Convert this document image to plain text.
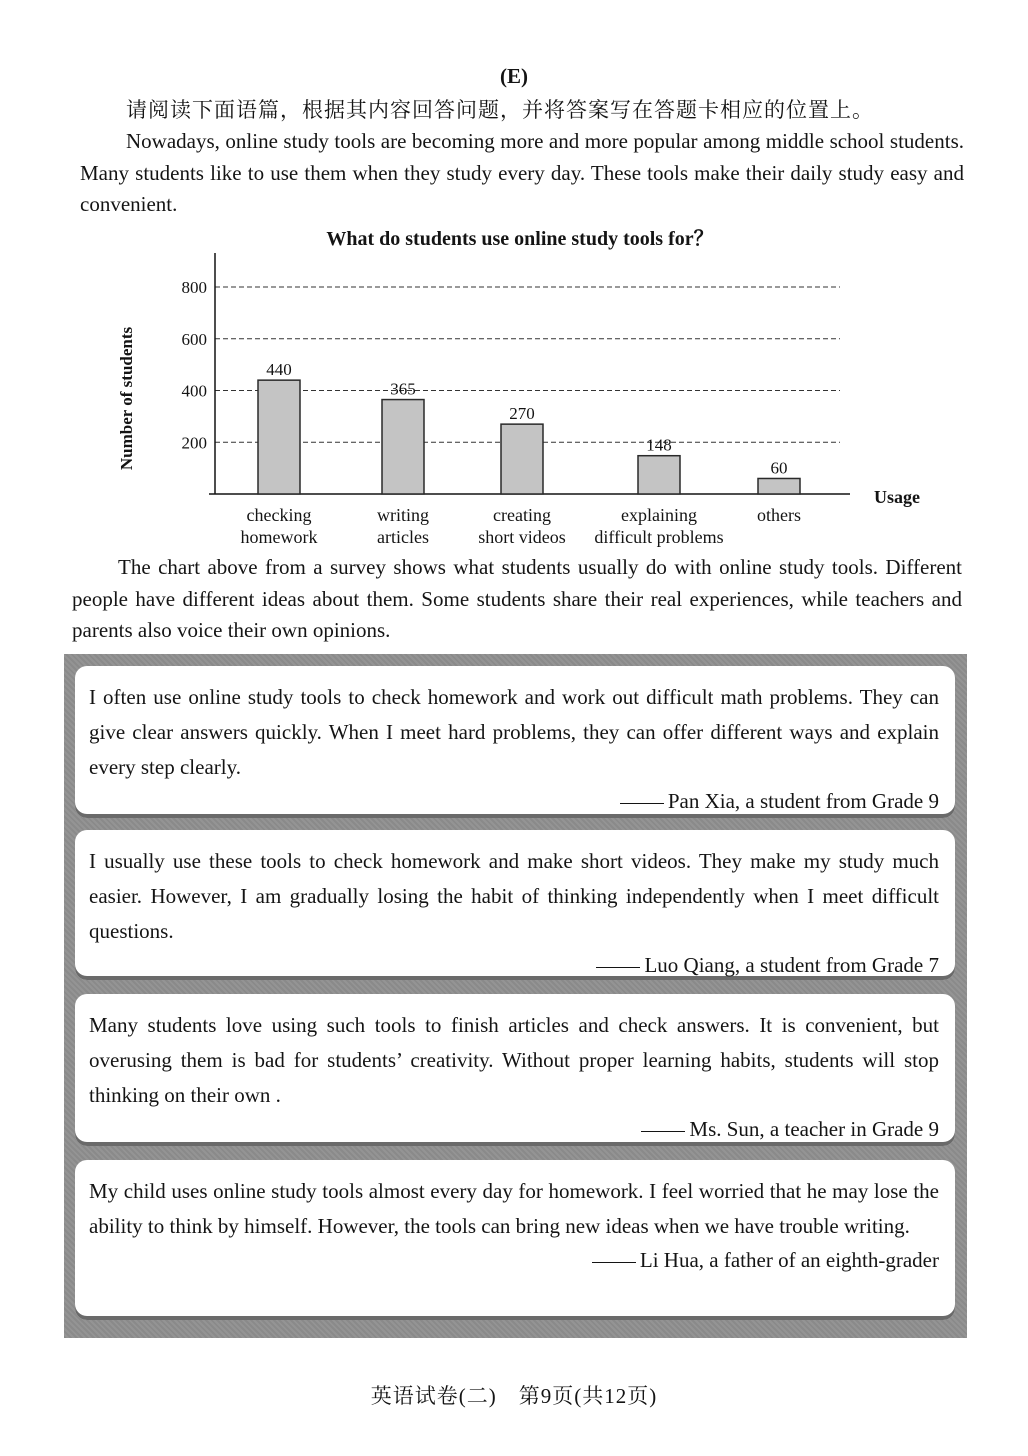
(E)
请阅读下面语篇，根据其内容回答问题，并将答案写在答题卡相应的位置上。
Nowadays, online study tools are becoming more and more popular among middle school students. Many students like to use them when they study every day. These tools make their daily study easy and convenient.
What do students use online study tools for？
200
400
600
800
Number of students
Usage
440
checking
homework
365
writing
articles
270
creating
short videos
148
explaining
difficult problems
60
others
The chart above from a survey shows what students usually do with online study tools. Different people have different ideas about them. Some students share their real experiences, while teachers and parents also voice their own opinions.

I often use online study tools to check homework and work out difficult math problems. They can give clear answers quickly. When I meet hard problems, they can offer different ways and explain every step clearly.

Pan Xia, a student from Grade 9

I usually use these tools to check homework and make short videos. They make my study much easier. However, I am gradually losing the habit of thinking independently when I meet difficult questions.

Luo Qiang, a student from Grade 7

Many students love using such tools to finish articles and check answers. It is convenient, but overusing them is bad for students’ creativity. Without proper learning habits, students will stop thinking on their own .

Ms. Sun, a teacher in Grade 9

My child uses online study tools almost every day for homework. I feel worried that he may lose the ability to think by himself. However, the tools can bring new ideas when we have trouble writing.

Li Hua, a father of an eighth-grader
英语试卷(二)　第9页(共12页)
